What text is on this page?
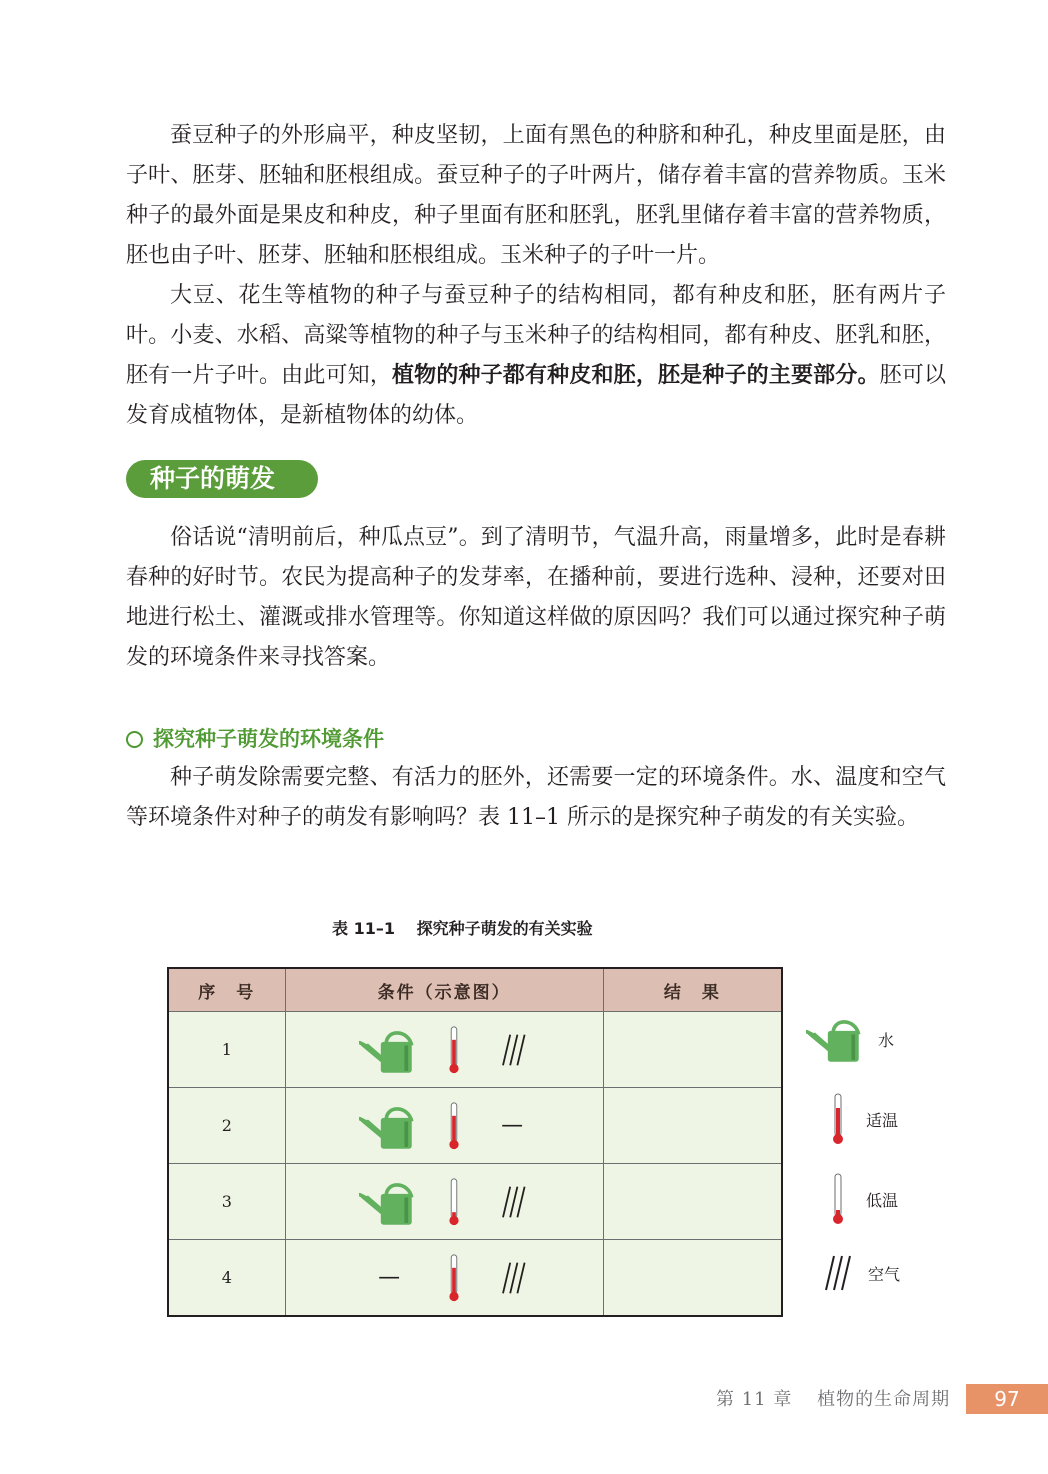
蚕豆种子的外形扁平，种皮坚韧，上面有黑色的种脐和种孔，种皮里面是胚，由子叶、胚芽、胚轴和胚根组成。蚕豆种子的子叶两片，储存着丰富的营养物质。玉米种子的最外面是果皮和种皮，种子里面有胚和胚乳，胚乳里储存着丰富的营养物质，胚也由子叶、胚芽、胚轴和胚根组成。玉米种子的子叶一片。

大豆、花生等植物的种子与蚕豆种子的结构相同，都有种皮和胚，胚有两片子叶。小麦、水稻、高粱等植物的种子与玉米种子的结构相同，都有种皮、胚乳和胚，胚有一片子叶。由此可知，植物的种子都有种皮和胚，胚是种子的主要部分。胚可以发育成植物体，是新植物体的幼体。

种子的萌发

俗话说“清明前后，种瓜点豆”。到了清明节，气温升高，雨量增多，此时是春耕春种的好时节。农民为提高种子的发芽率，在播种前，要进行选种、浸种，还要对田地进行松土、灌溉或排水管理等。你知道这样做的原因吗？我们可以通过探究种子萌发的环境条件来寻找答案。

探究种子萌发的环境条件

种子萌发除需要完整、有活力的胚外，还需要一定的环境条件。水、温度和空气等环境条件对种子的萌发有影响吗？表 11–1 所示的是探究种子萌发的有关实验。

表 11–1 探究种子萌发的有关实验
序　号	条件（示意图）	结　果
1	

2	—	

3	

4	—	

水
适温
低温
空气
第 11 章 植物的生命周期	97
